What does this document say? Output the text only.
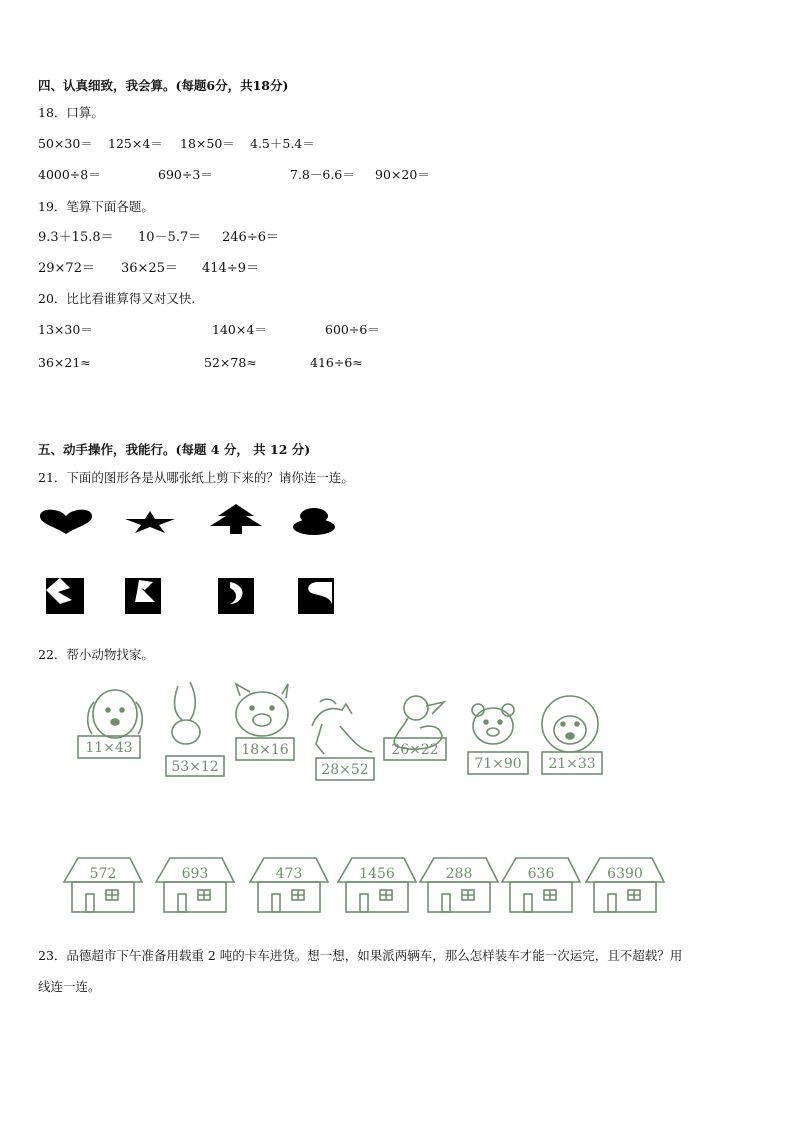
四、认真细致，我会算。(每题6分，共18分)
18．口算。
50×30＝ 125×4＝ 18×50＝ 4.5＋5.4＝
4000÷8＝	690÷3＝	7.8－6.6＝ 90×20＝
19．笔算下面各题。
9.3＋15.8＝ 10－5.7＝ 246÷6＝
29×72＝ 36×25＝ 414÷9＝
20．比比看谁算得又对又快．
13×30＝	140×4＝	600÷6＝
36×21≈	52×78≈	416÷6≈
五、动手操作，我能行。(每题 4 分， 共 12 分)
21．下面的图形各是从哪张纸上剪下来的？请你连一连。
22．帮小动物找家。
11×43
53×12
18×16
28×52
26×22
71×90 21×33
572	693	473	1456	288	636	6390
23．品德超市下午准备用载重 2 吨的卡车进货。想一想，如果派两辆车，那么怎样装车才能一次运完，且不超载？用
线连一连。
